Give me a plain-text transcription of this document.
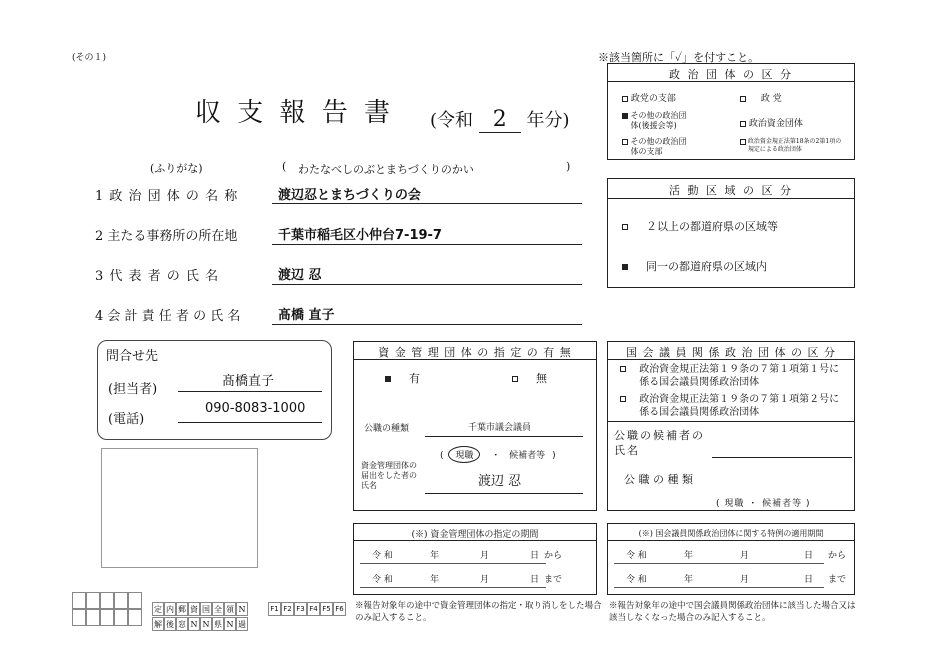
(その１)
収 支 報 告 書 (令和 2 年分)
(ふりがな)	( わたなべしのぶとまちづくりのかい	)
1 政 治 団 体 の 名 称	渡辺忍とまちづくりの会
2 主たる事務所の所在地	千葉市稲毛区小仲台7-19-7
3 代 表 者 の 氏 名	渡辺 忍
4 会 計 責 任 者 の 氏 名	髙橋 直子
問合せ先
(担当者)
髙橋直子
(電話)
090-8083-1000
※該当箇所に「✓」を付すこと。
政 治 団 体 の 区 分
政党の支部	政 党
その他の政治団体(後援会等)	政治資金団体
その他の政治団体の支部
政治資金規正法第18条の2第1項の規定による政治団体
活 動 区 域 の 区 分
２以上の都道府県の区域等
同一の都道府県の区域内
資 金 管 理 団 体 の 指 定 の 有 無
有	無
公職の種類	千葉市議会議員
( 現職 ・ 候補者等 )
資金管理団体の届出をした者の氏名	渡辺 忍
国 会 議 員 関 係 政 治 団 体 の 区 分
政治資金規正法第１９条の７第１項第１号に係る国会議員関係政治団体
政治資金規正法第１９条の７第１項第２号に係る国会議員関係政治団体
公職の候補者の氏名
公 職 の 種 類
( 現職 ・ 候補者等 )
(※) 資金管理団体の指定の期間
令 和	年	月	日 から
令 和	年	月	日 まで
※報告対象年の途中で資金管理団体の指定・取り消しをした場合のみ記入すること。
(※) 国会議員関係政治団体に関する特例の適用期間
令 和	年	月	日 から
令 和	年	月	日 まで
※報告対象年の途中で国会議員関係政治団体に該当した場合又は該当しなくなった場合のみ記入すること。
定 内 郵 資 国 全 領 N
解 後 窓 N N 県 N 過
F1 F2 F3 F4 F5 F6
